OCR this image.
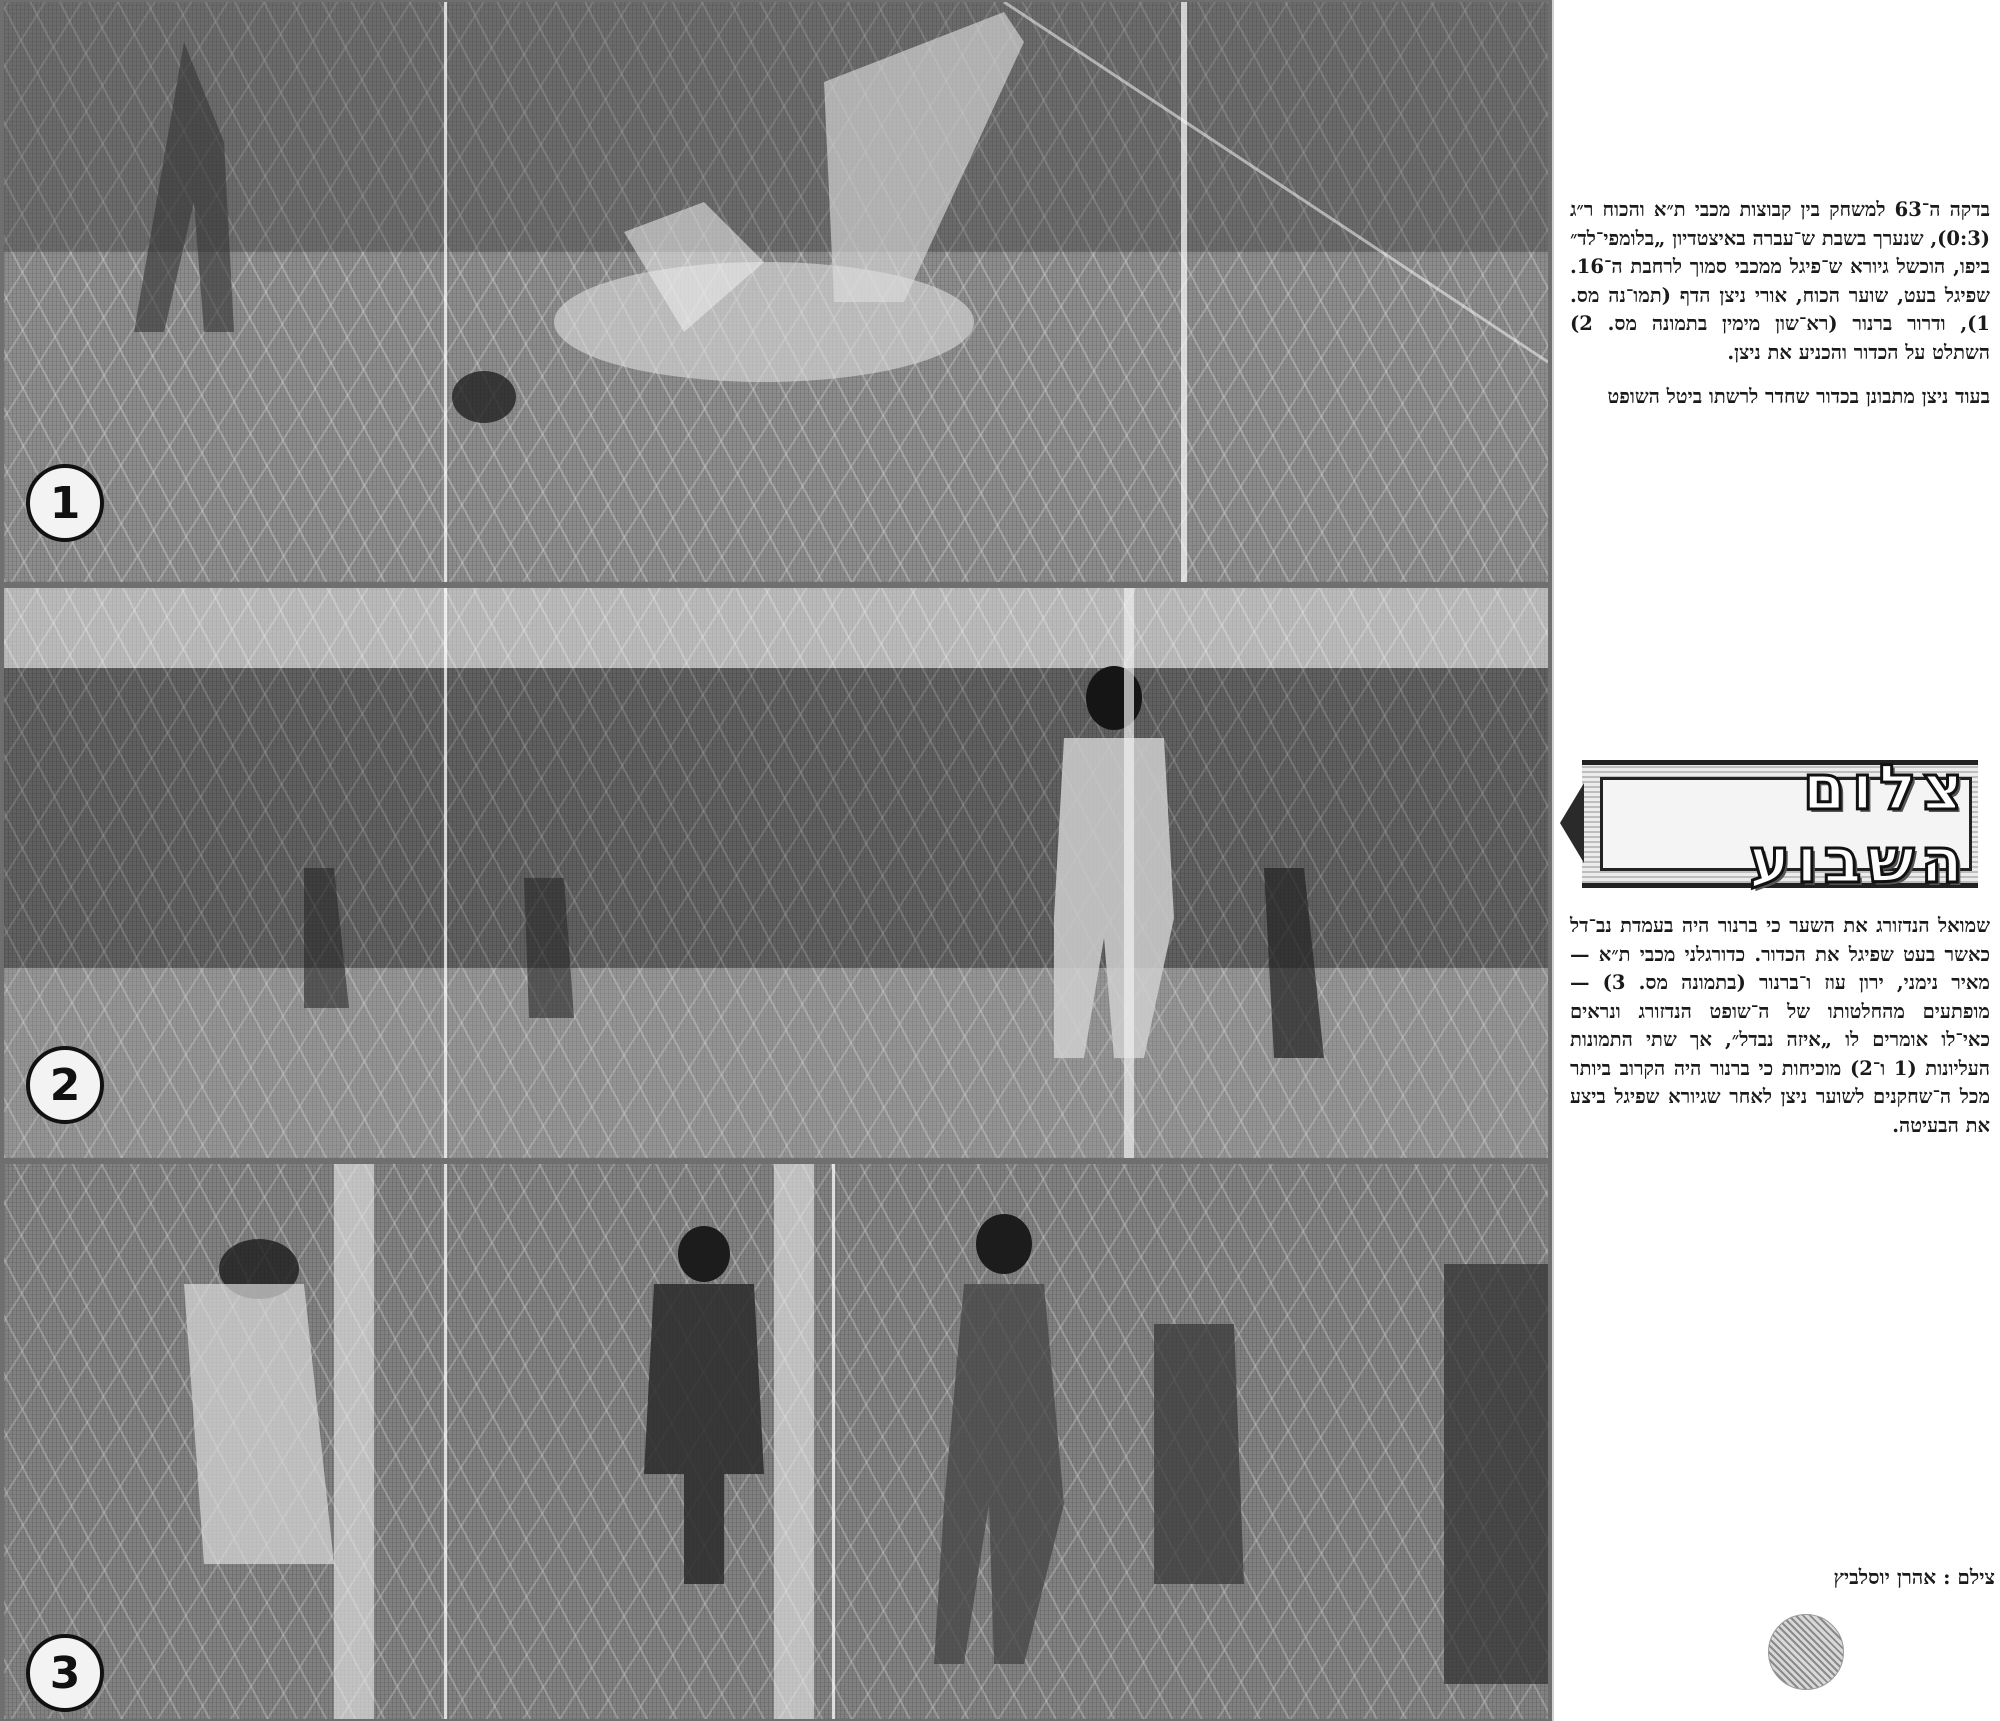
1
2
3

בדקה ה־63 למשחק בין קבוצות מכבי ת״א והכוח ר״ג (0:3), שנערך בשבת ש־עברה באיצטדיון „בלומפי־לד״ ביפו, הוכשל גיורא ש־פיגל ממכבי סמוך לרחבת ה־16. שפיגל בעט, שוער הכוח, אורי ניצן הדף (תמו־נה מס. 1), ודרור ברנור (רא־שון מימין בתמונה מס. 2) השתלט על הכדור והכניע את ניצן.

בעוד ניצן מתבונן בכדור שחדר לרשתו ביטל השופט

צלום השבוע

שמואל הנדזורג את השער כי ברנור היה בעמדת נב־דל כאשר בעט שפיגל את הכדור. כדורגלני מכבי ת״א — מאיר נימני, ירון עוז ו־ברנור (בתמונה מס. 3) — מופתעים מהחלטותו של ה־שופט הנדזורג ונראים כאי־לו אומרים לו „איזה נבדל״, אך שתי התמונות העליונות (1 ו־2) מוכיחות כי ברנור היה הקרוב ביותר מכל ה־שחקנים לשוער ניצן לאחר שגיורא שפיגל ביצע את הבעיטה.

צילם : אהרן יוסלביץ
